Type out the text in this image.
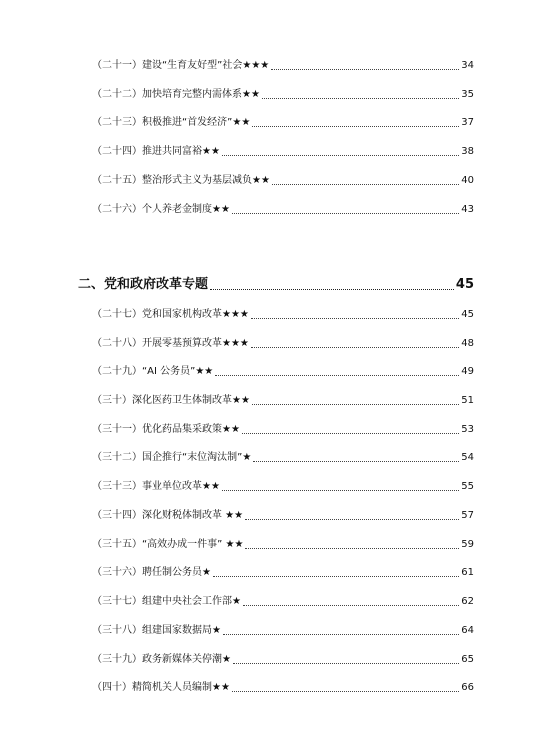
（二十一）建设“生育友好型”社会★★★	34
（二十二）加快培育完整内需体系★★	35
（二十三）积极推进“首发经济”★★	37
（二十四）推进共同富裕★★	38
（二十五）整治形式主义为基层减负★★	40
（二十六）个人养老金制度★★	43
二、党和政府改革专题	45
（二十七）党和国家机构改革★★★	45
（二十八）开展零基预算改革★★★	48
（二十九）“AI 公务员”★★	49
（三十）深化医药卫生体制改革★★	51
（三十一）优化药品集采政策★★	53
（三十二）国企推行“末位淘汰制”★	54
（三十三）事业单位改革★★	55
（三十四）深化财税体制改革 ★★	57
（三十五）“高效办成一件事” ★★	59
（三十六）聘任制公务员★	61
（三十七）组建中央社会工作部★	62
（三十八）组建国家数据局★	64
（三十九）政务新媒体关停潮★	65
（四十）精简机关人员编制★★	66
